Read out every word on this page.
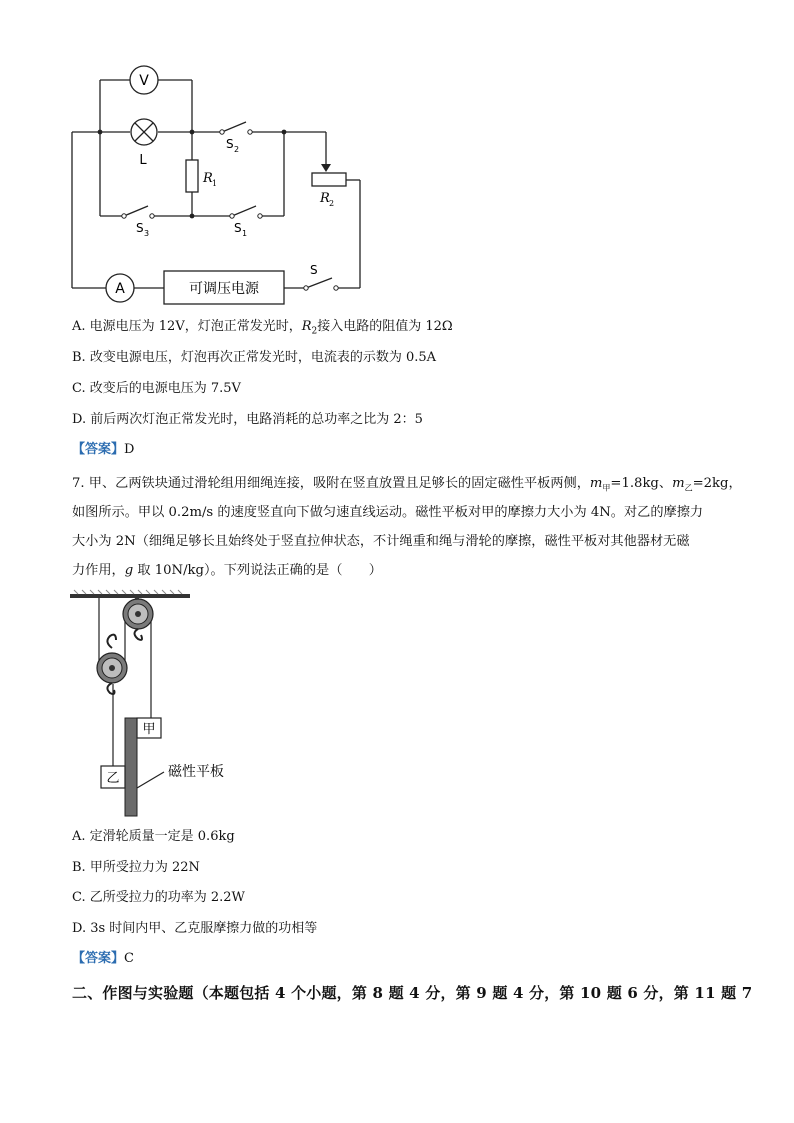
V
L
R 1
R 2
S 2
S 3	S 1
S
A	可调压电源
A. 电源电压为 12V，灯泡正常发光时，$R_2$接入电路的阻值为 12Ω
B. 改变电源电压，灯泡再次正常发光时，电流表的示数为 0.5A
C. 改变后的电源电压为 7.5V
D. 前后两次灯泡正常发光时，电路消耗的总功率之比为 2：5
【答案】D
7. 甲、乙两铁块通过滑轮组用细绳连接，吸附在竖直放置且足够长的固定磁性平板两侧，$m_甲=1.8kg$、$m_乙=2kg$，
如图所示。甲以 0.2m/s 的速度竖直向下做匀速直线运动。磁性平板对甲的摩擦力大小为 4N。对乙的摩擦力
大小为 2N（细绳足够长且始终处于竖直拉伸状态，不计绳重和绳与滑轮的摩擦，磁性平板对其他器材无磁
力作用，g 取 10N/kg）。下列说法正确的是（　　）
甲
乙	磁性平板
A. 定滑轮质量一定是 0.6kg
B. 甲所受拉力为 22N
C. 乙所受拉力的功率为 2.2W
D. 3s 时间内甲、乙克服摩擦力做的功相等
【答案】C
二、作图与实验题（本题包括 4 个小题，第 8 题 4 分，第 9 题 4 分，第 10 题 6 分，第 11 题 7
